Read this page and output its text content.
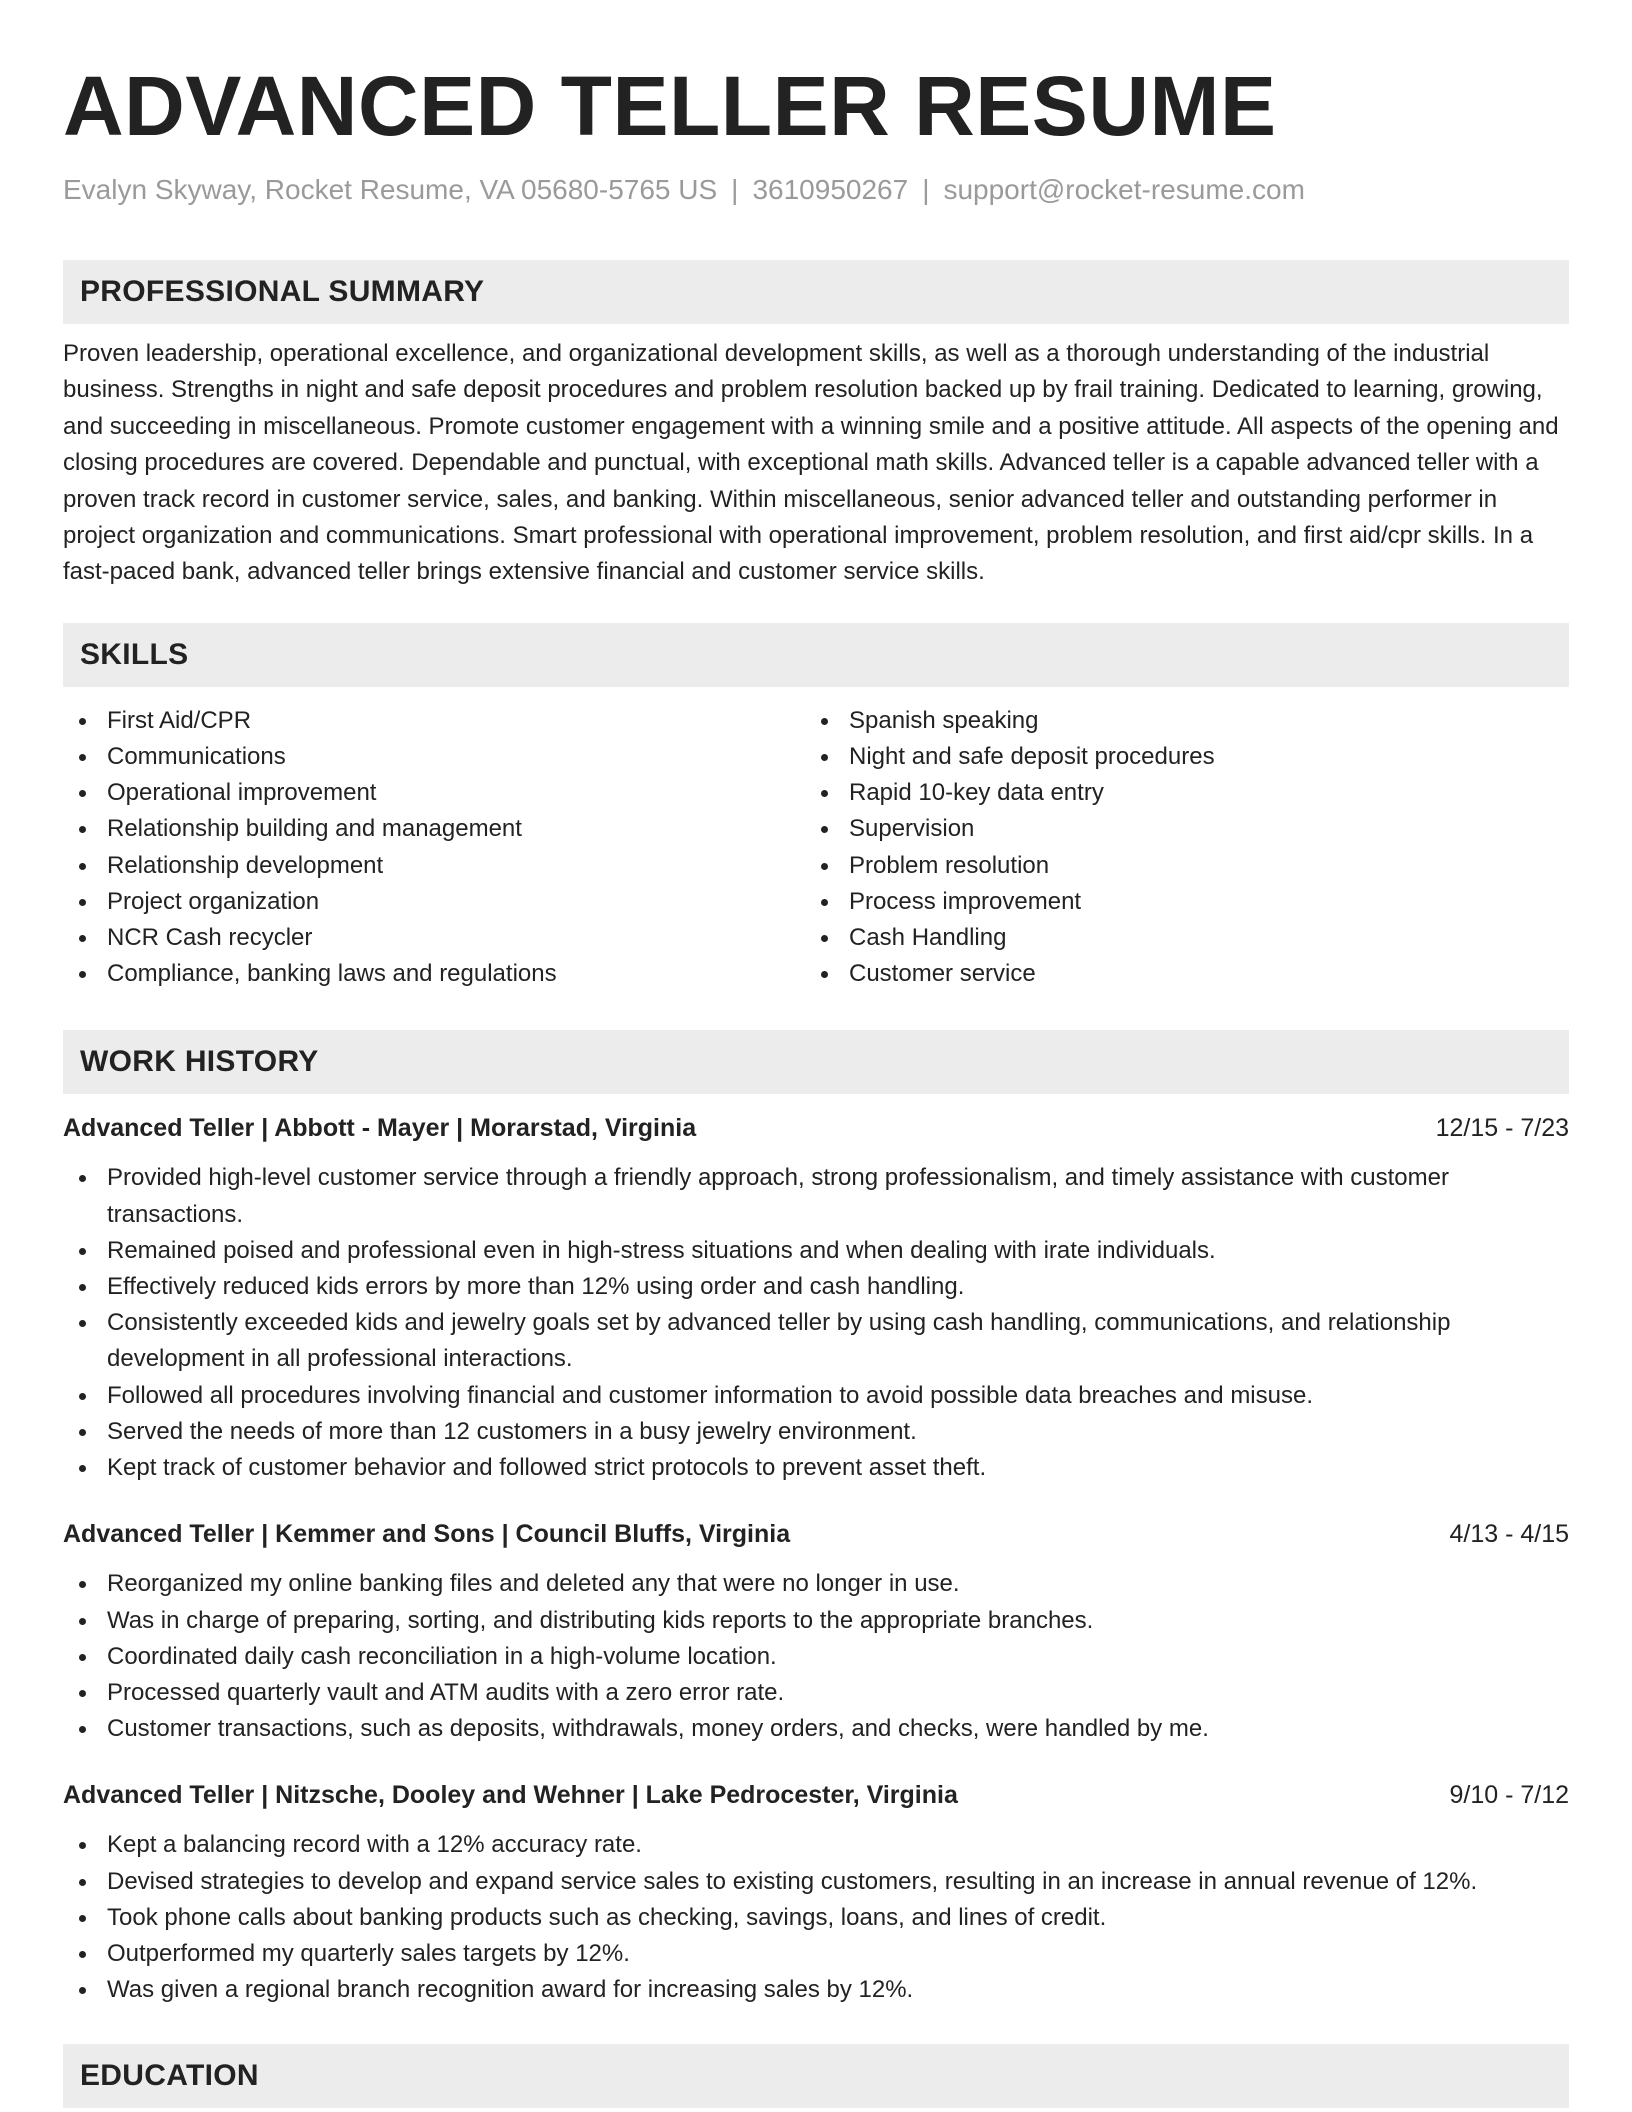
ADVANCED TELLER RESUME
Evalyn Skyway, Rocket Resume, VA 05680-5765 US | 3610950267 | support@rocket-resume.com
PROFESSIONAL SUMMARY

Proven leadership, operational excellence, and organizational development skills, as well as a thorough understanding of the industrial business. Strengths in night and safe deposit procedures and problem resolution backed up by frail training. Dedicated to learning, growing, and succeeding in miscellaneous. Promote customer engagement with a winning smile and a positive attitude. All aspects of the opening and closing procedures are covered. Dependable and punctual, with exceptional math skills. Advanced teller is a capable advanced teller with a proven track record in customer service, sales, and banking. Within miscellaneous, senior advanced teller and outstanding performer in project organization and communications. Smart professional with operational improvement, problem resolution, and first aid/cpr skills. In a fast-paced bank, advanced teller brings extensive financial and customer service skills.

SKILLS
First Aid/CPR
Communications
Operational improvement
Relationship building and management
Relationship development
Project organization
NCR Cash recycler
Compliance, banking laws and regulations
Spanish speaking
Night and safe deposit procedures
Rapid 10-key data entry
Supervision
Problem resolution
Process improvement
Cash Handling
Customer service
WORK HISTORY
Advanced Teller | Abbott - Mayer | Morarstad, Virginia	12/15 - 7/23
Provided high-level customer service through a friendly approach, strong professionalism, and timely assistance with customer transactions.
Remained poised and professional even in high-stress situations and when dealing with irate individuals.
Effectively reduced kids errors by more than 12% using order and cash handling.
Consistently exceeded kids and jewelry goals set by advanced teller by using cash handling, communications, and relationship development in all professional interactions.
Followed all procedures involving financial and customer information to avoid possible data breaches and misuse.
Served the needs of more than 12 customers in a busy jewelry environment.
Kept track of customer behavior and followed strict protocols to prevent asset theft.
Advanced Teller | Kemmer and Sons | Council Bluffs, Virginia	4/13 - 4/15
Reorganized my online banking files and deleted any that were no longer in use.
Was in charge of preparing, sorting, and distributing kids reports to the appropriate branches.
Coordinated daily cash reconciliation in a high-volume location.
Processed quarterly vault and ATM audits with a zero error rate.
Customer transactions, such as deposits, withdrawals, money orders, and checks, were handled by me.
Advanced Teller | Nitzsche, Dooley and Wehner | Lake Pedrocester, Virginia	9/10 - 7/12
Kept a balancing record with a 12% accuracy rate.
Devised strategies to develop and expand service sales to existing customers, resulting in an increase in annual revenue of 12%.
Took phone calls about banking products such as checking, savings, loans, and lines of credit.
Outperformed my quarterly sales targets by 12%.
Was given a regional branch recognition award for increasing sales by 12%.
EDUCATION
